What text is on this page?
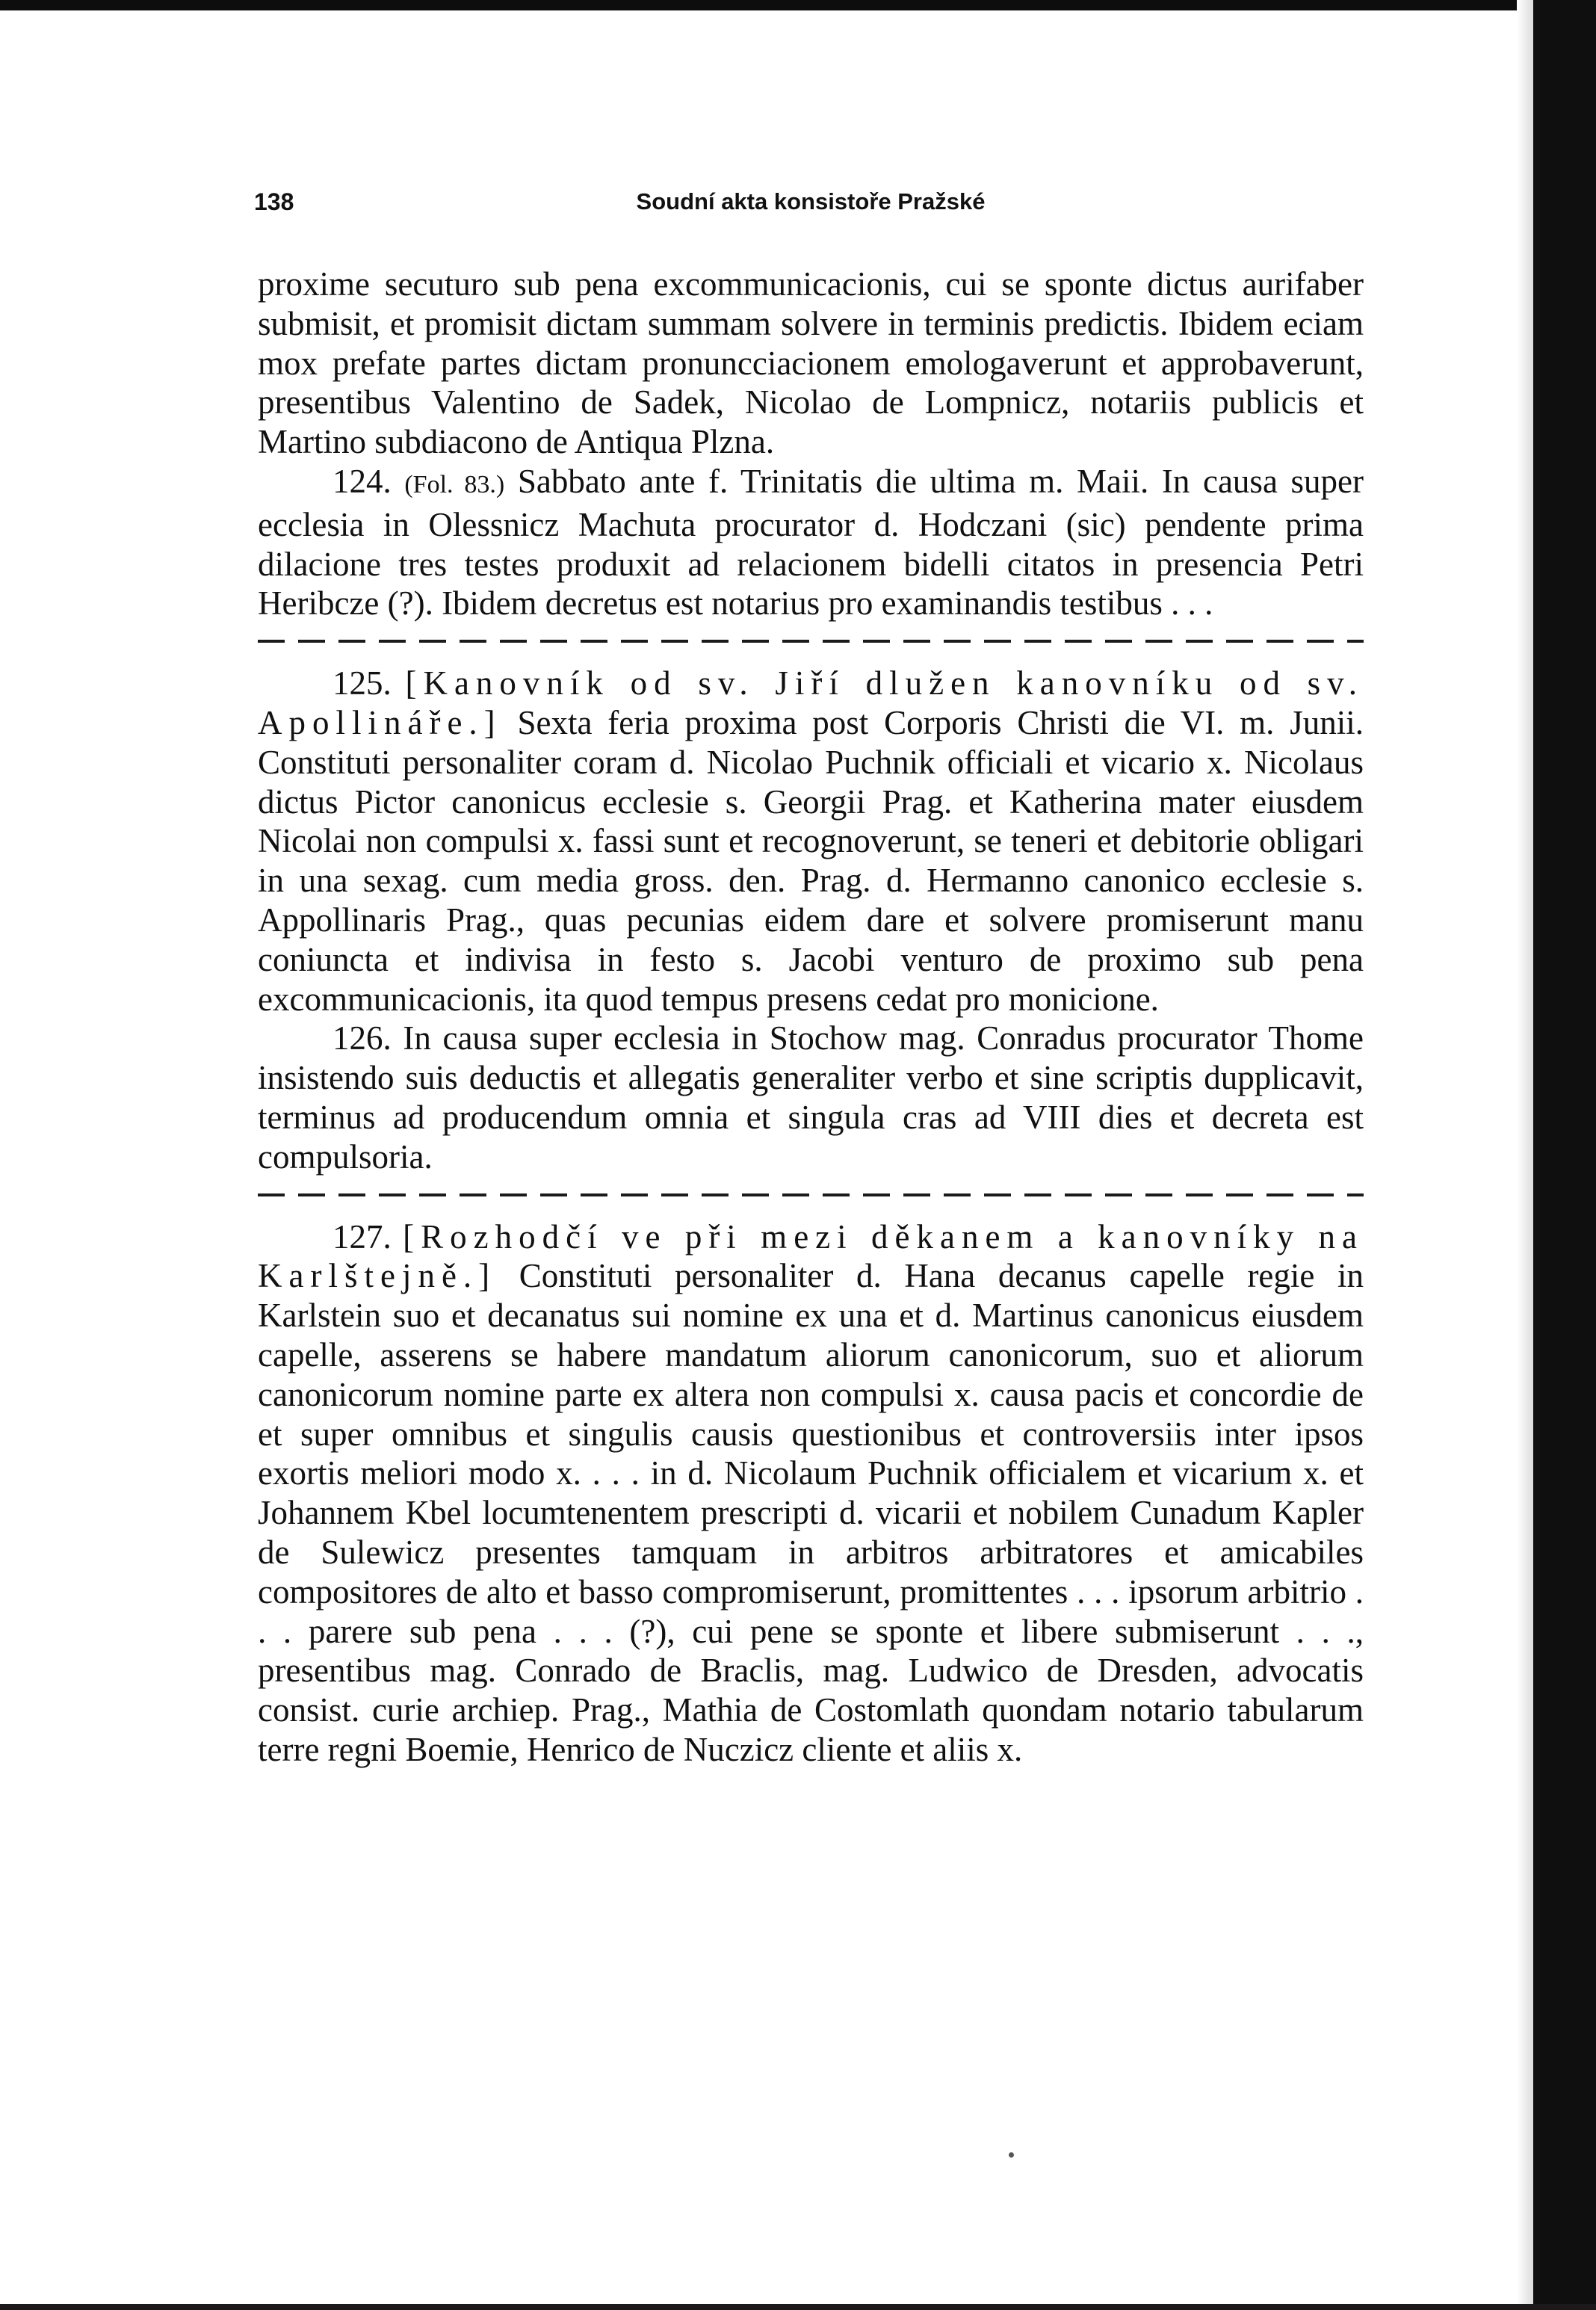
138	Soudní akta konsistoře Pražské

proxime secuturo sub pena excommunicacionis, cui se sponte dictus aurifaber submisit, et promisit dictam summam solvere in terminis predictis. Ibidem eciam mox prefate partes dictam pronuncciacionem emologaverunt et approbaverunt, presentibus Valentino de Sadek, Nicolao de Lompnicz, notariis publicis et Martino subdiacono de Antiqua Plzna.

124. (Fol. 83.) Sabbato ante f. Trinitatis die ultima m. Maii. In causa super ecclesia in Olessnicz Machuta procurator d. Hodczani (sic) pendente prima dilacione tres testes produxit ad relacionem bidelli citatos in presencia Petri Heribcze (?). Ibidem decretus est notarius pro examinandis testibus . . .

125. [Kanovník od sv. Jiří dlužen kanovníku od sv. Apollináře.] Sexta feria proxima post Corporis Christi die VI. m. Junii. Constituti personaliter coram d. Nicolao Puchnik officiali et vicario x. Nicolaus dictus Pictor canonicus ecclesie s. Georgii Prag. et Katherina mater eiusdem Nicolai non compulsi x. fassi sunt et recognoverunt, se teneri et debitorie obligari in una sexag. cum media gross. den. Prag. d. Hermanno canonico ecclesie s. Appollinaris Prag., quas pecunias eidem dare et solvere promiserunt manu coniuncta et indivisa in festo s. Jacobi venturo de proximo sub pena excommunicacionis, ita quod tempus presens cedat pro monicione.

126. In causa super ecclesia in Stochow mag. Conradus procurator Thome insistendo suis deductis et allegatis generaliter verbo et sine scriptis dupplicavit, terminus ad producendum omnia et singula cras ad VIII dies et decreta est compulsoria.

127. [Rozhodčí ve při mezi děkanem a kanovníky na Karlštejně.] Constituti personaliter d. Hana decanus capelle regie in Karlstein suo et decanatus sui nomine ex una et d. Martinus canonicus eiusdem capelle, asserens se habere mandatum aliorum canonicorum, suo et aliorum canonicorum nomine parte ex altera non compulsi x. causa pacis et concordie de et super omnibus et singulis causis questionibus et controversiis inter ipsos exortis meliori modo x. . . . in d. Nicolaum Puchnik officialem et vicarium x. et Johannem Kbel locumtenentem prescripti d. vicarii et nobilem Cunadum Kapler de Sulewicz presentes tamquam in arbitros arbitratores et amicabiles compositores de alto et basso compromiserunt, promittentes . . . ipsorum arbitrio . . . parere sub pena . . . (?), cui pene se sponte et libere submiserunt . . ., presentibus mag. Conrado de Braclis, mag. Ludwico de Dresden, advocatis consist. curie archiep. Prag., Mathia de Costomlath quondam notario tabularum terre regni Boemie, Henrico de Nuczicz cliente et aliis x.
